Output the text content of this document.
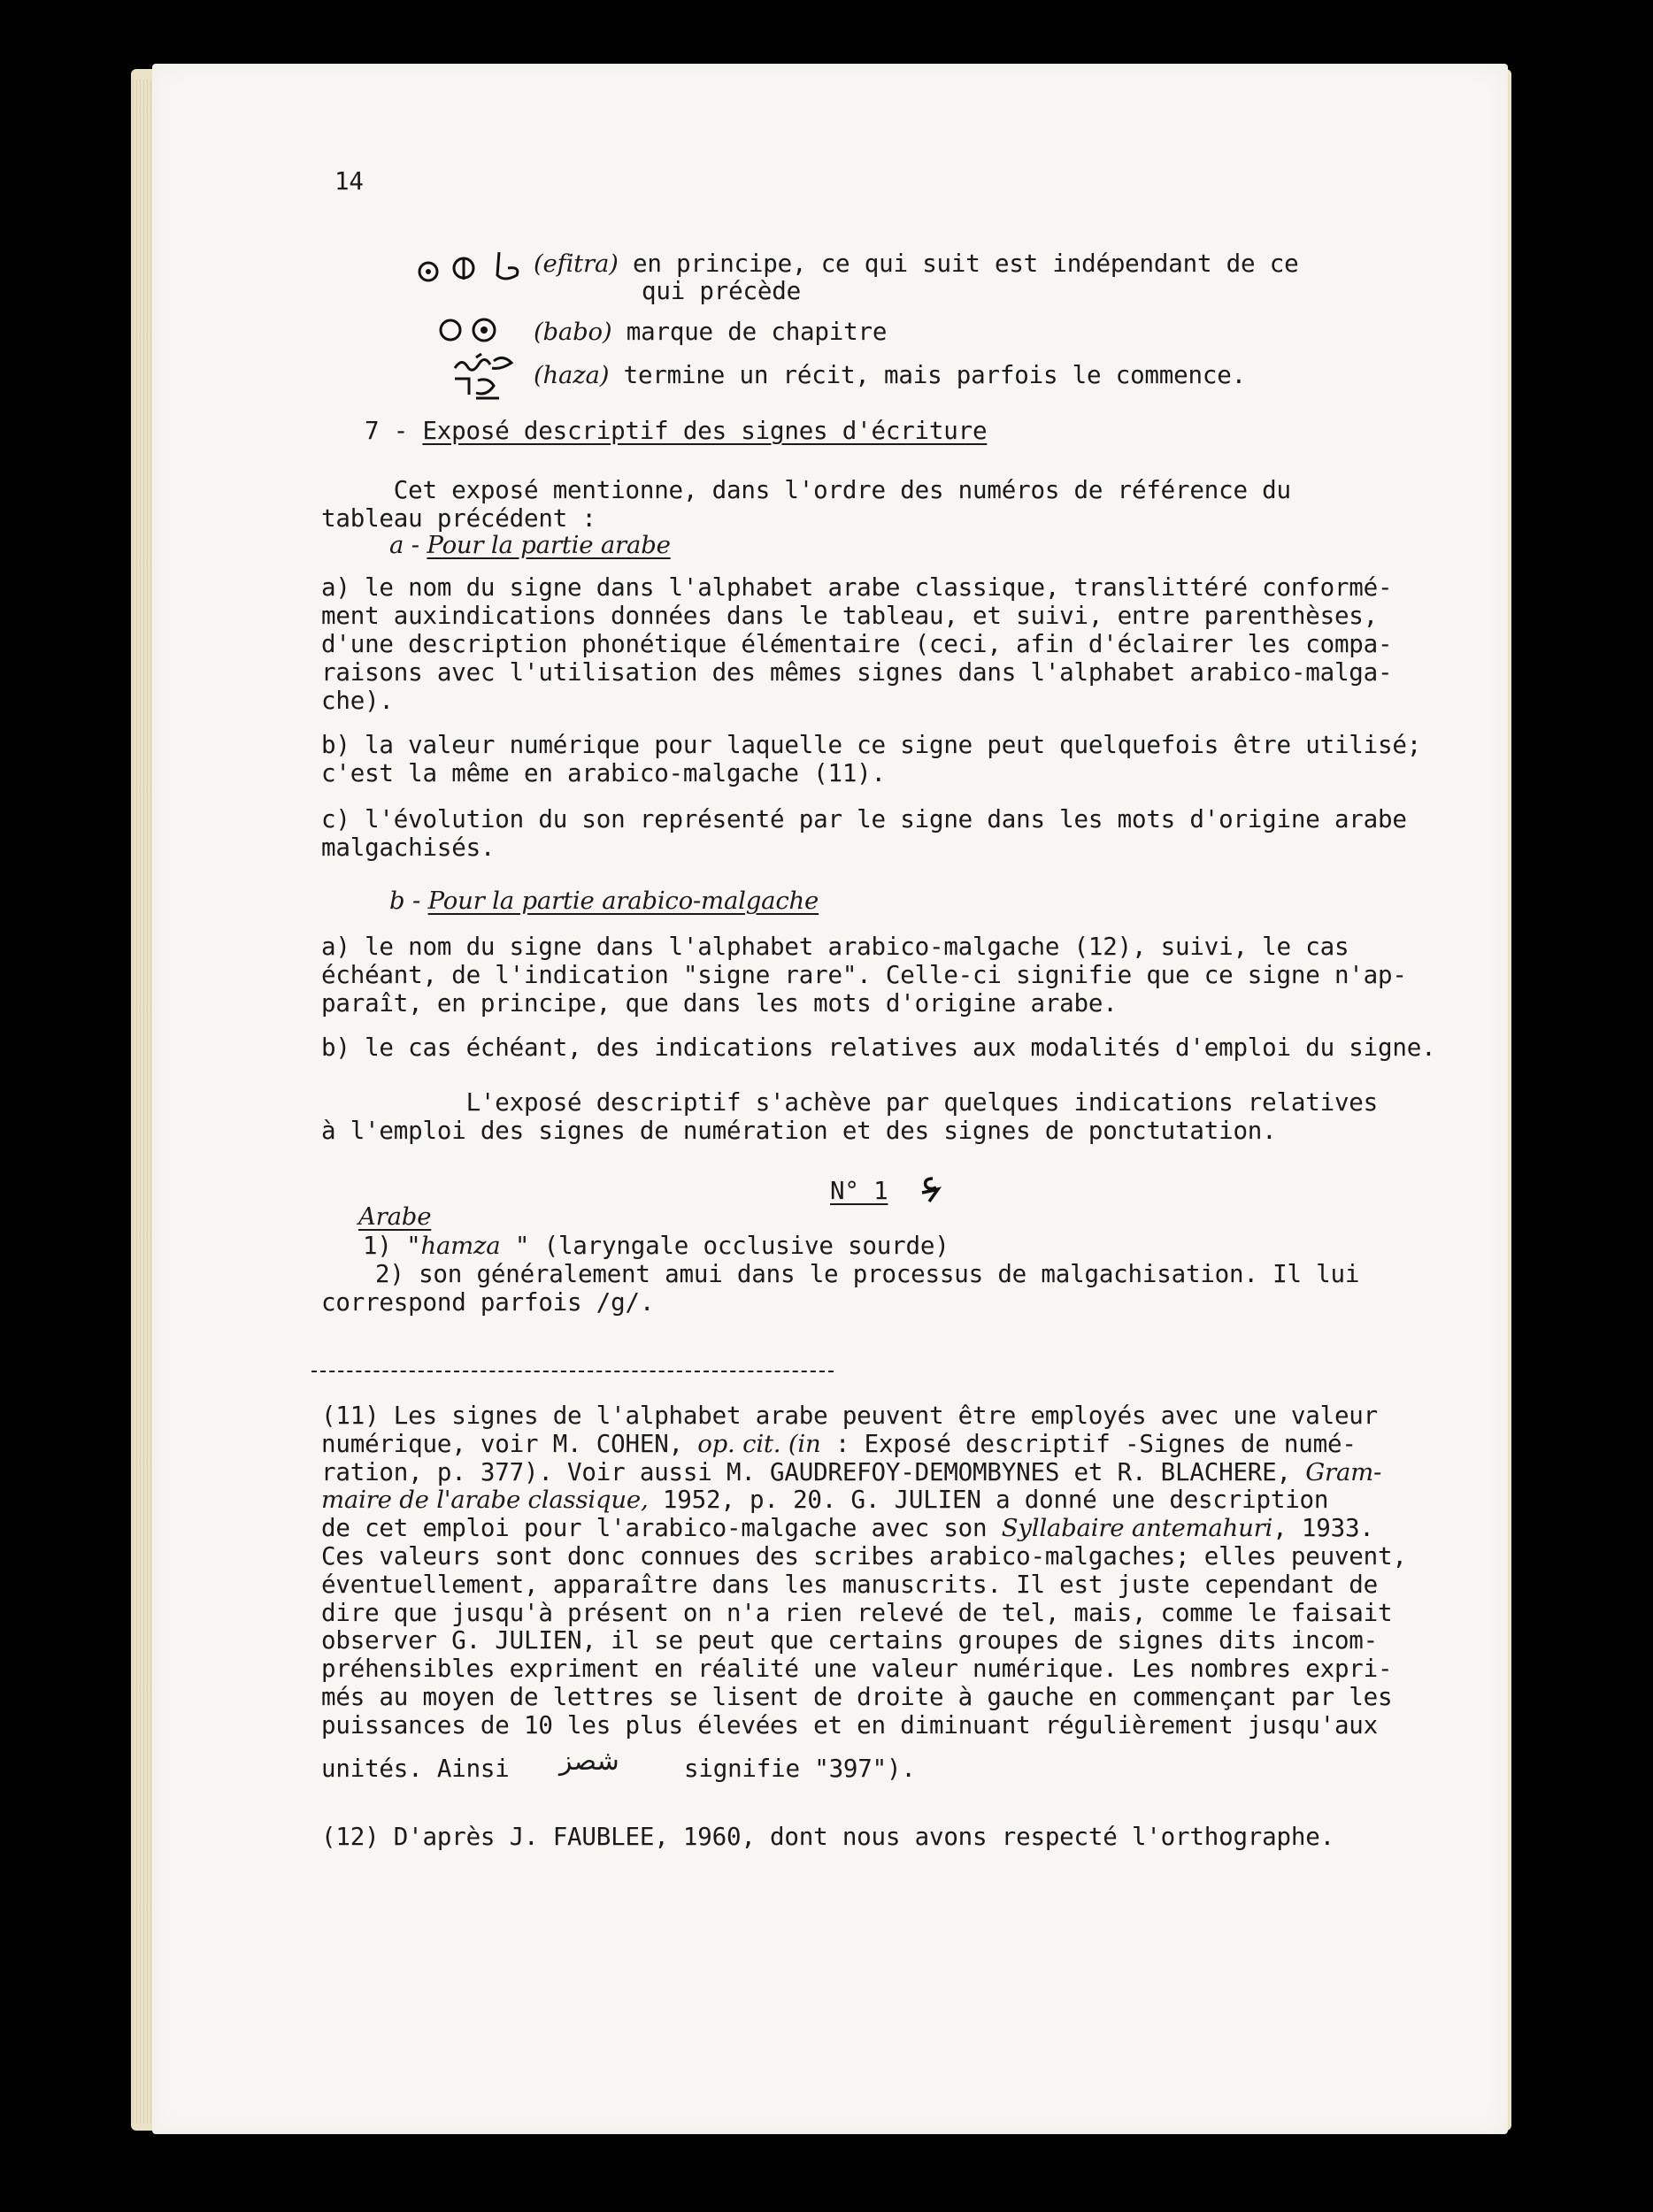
14
(efitra) en principe, ce qui suit est indépendant de ce
qui précède
(babo) marque de chapitre
(haza) termine un récit, mais parfois le commence.
7 - Exposé descriptif des signes d'écriture
Cet exposé mentionne, dans l'ordre des numéros de référence du
tableau précédent :
a - Pour la partie arabe
a) le nom du signe dans l'alphabet arabe classique, translittéré conformé-
ment auxindications données dans le tableau, et suivi, entre parenthèses,
d'une description phonétique élémentaire (ceci, afin d'éclairer les compa-
raisons avec l'utilisation des mêmes signes dans l'alphabet arabico-malga-
che).
b) la valeur numérique pour laquelle ce signe peut quelquefois être utilisé;
c'est la même en arabico-malgache (11).
c) l'évolution du son représenté par le signe dans les mots d'origine arabe
malgachisés.
b - Pour la partie arabico-malgache
a) le nom du signe dans l'alphabet arabico-malgache (12), suivi, le cas
échéant, de l'indication "signe rare". Celle-ci signifie que ce signe n'ap-
paraît, en principe, que dans les mots d'origine arabe.
b) le cas échéant, des indications relatives aux modalités d'emploi du signe.
L'exposé descriptif s'achève par quelques indications relatives
à l'emploi des signes de numération et des signes de ponctutation.
N° 1
Arabe
1) "hamza " (laryngale occlusive sourde)
2) son généralement amui dans le processus de malgachisation. Il lui
correspond parfois /g/.
(11) Les signes de l'alphabet arabe peuvent être employés avec une valeur
numérique, voir M. COHEN, op. cit. (in : Exposé descriptif -Signes de numé-
ration, p. 377). Voir aussi M. GAUDREFOY-DEMOMBYNES et R. BLACHERE, Gram-
maire de l'arabe classique, 1952, p. 20. G. JULIEN a donné une description
de cet emploi pour l'arabico-malgache avec son Syllabaire antemahuri, 1933.
Ces valeurs sont donc connues des scribes arabico-malgaches; elles peuvent,
éventuellement, apparaître dans les manuscrits. Il est juste cependant de
dire que jusqu'à présent on n'a rien relevé de tel, mais, comme le faisait
observer G. JULIEN, il se peut que certains groupes de signes dits incom-
préhensibles expriment en réalité une valeur numérique. Les nombres expri-
més au moyen de lettres se lisent de droite à gauche en commençant par les
puissances de 10 les plus élevées et en diminuant régulièrement jusqu'aux
unités. Ainsi شصز	signifie "397").
(12) D'après J. FAUBLEE, 1960, dont nous avons respecté l'orthographe.
